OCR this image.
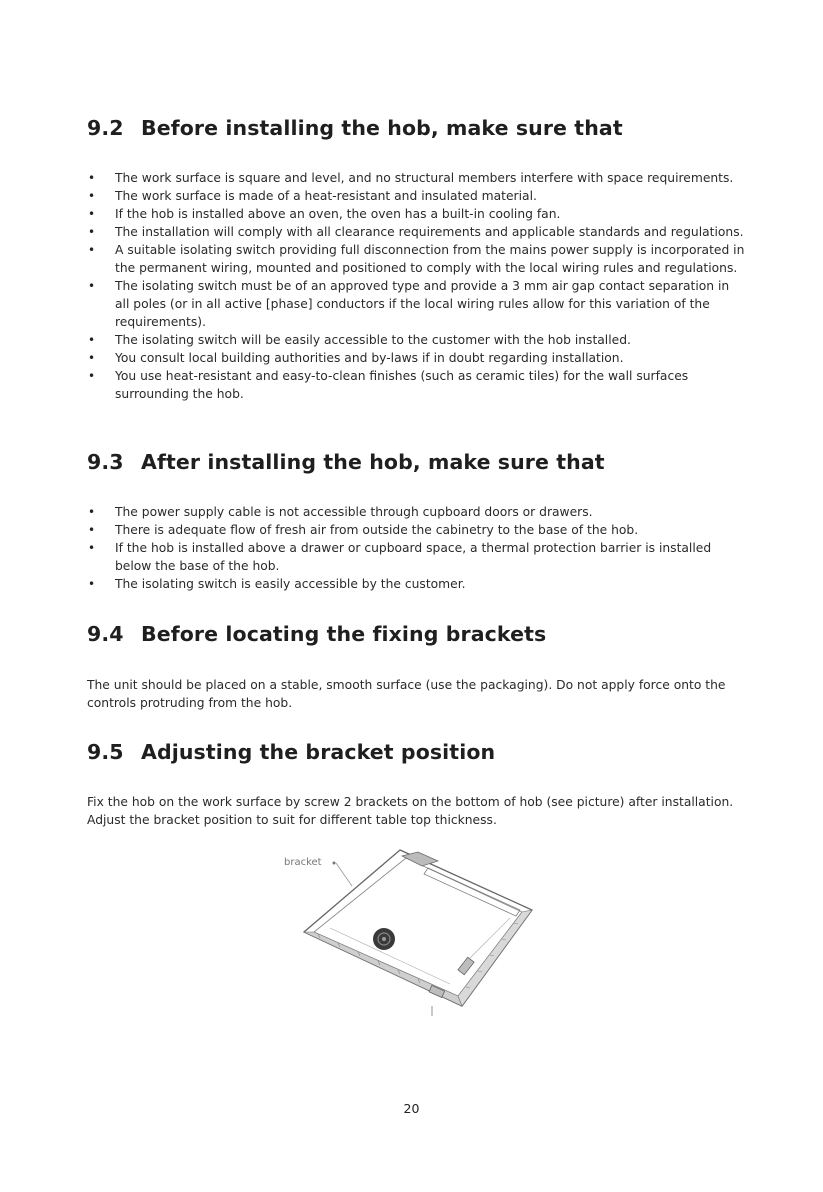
9.2 Before installing the hob, make sure that
• The work surface is square and level, and no structural members interfere with space requirements.
• The work surface is made of a heat-resistant and insulated material.
• If the hob is installed above an oven, the oven has a built-in cooling fan.
• The installation will comply with all clearance requirements and applicable standards and regulations.
• A suitable isolating switch providing full disconnection from the mains power supply is incorporated in the permanent wiring, mounted and positioned to comply with the local wiring rules and regulations.
• The isolating switch must be of an approved type and provide a 3 mm air gap contact separation in all poles (or in all active [phase] conductors if the local wiring rules allow for this variation of the requirements).
• The isolating switch will be easily accessible to the customer with the hob installed.
• You consult local building authorities and by-laws if in doubt regarding installation.
• You use heat-resistant and easy-to-clean finishes (such as ceramic tiles) for the wall surfaces surrounding the hob.
9.3 After installing the hob, make sure that
• The power supply cable is not accessible through cupboard doors or drawers.
• There is adequate flow of fresh air from outside the cabinetry to the base of the hob.
• If the hob is installed above a drawer or cupboard space, a thermal protection barrier is installed below the base of the hob.
• The isolating switch is easily accessible by the customer.
9.4 Before locating the fixing brackets

The unit should be placed on a stable, smooth surface (use the packaging). Do not apply force onto the controls protruding from the hob.

9.5 Adjusting the bracket position

Fix the hob on the work surface by screw 2 brackets on the bottom of hob (see picture) after installation. Adjust the bracket position to suit for different table top thickness.

bracket
20
